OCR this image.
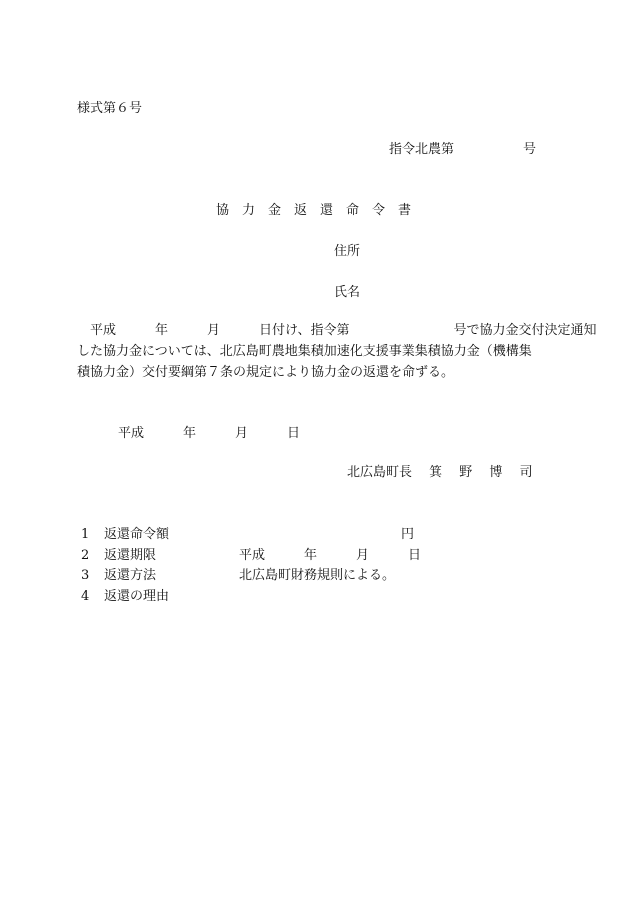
様式第６号
指令北農第	号
協　力　金　返　還　命　令　書
住所
氏名
　平成　　　年　　　月　　　日付け、指令第　　　　　　　　号で協力金交付決定通知
した協力金については、北広島町農地集積加速化支援事業集積協力金（機構集
積協力金）交付要綱第７条の規定により協力金の返還を命ずる。
平成　　　年　　　月　　　日
北広島町長　 箕　 野　 博　 司
1 返還命令額	円
2 返還期限	平成　　　年　　　月　　　日
3 返還方法	北広島町財務規則による。
4 返還の理由
